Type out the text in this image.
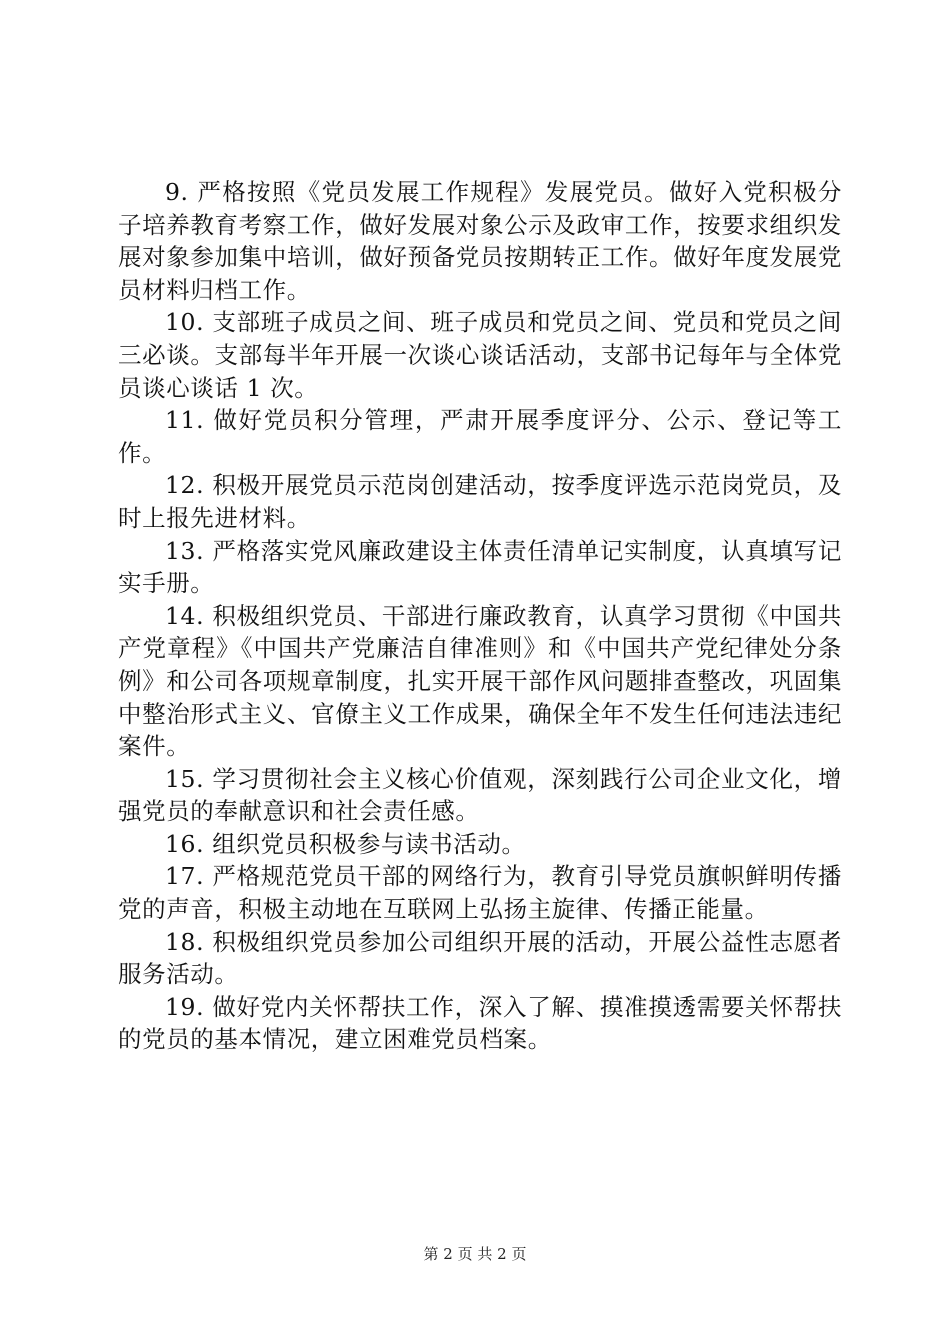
9. 严格按照《党员发展工作规程》发展党员。做好入党积极分子培养教育考察工作，做好发展对象公示及政审工作，按要求组织发展对象参加集中培训，做好预备党员按期转正工作。做好年度发展党员材料归档工作。

10. 支部班子成员之间、班子成员和党员之间、党员和党员之间三必谈。支部每半年开展一次谈心谈话活动，支部书记每年与全体党员谈心谈话 1 次。

11. 做好党员积分管理，严肃开展季度评分、公示、登记等工作。

12. 积极开展党员示范岗创建活动，按季度评选示范岗党员，及时上报先进材料。

13. 严格落实党风廉政建设主体责任清单记实制度，认真填写记实手册。

14. 积极组织党员、干部进行廉政教育，认真学习贯彻《中国共产党章程》《中国共产党廉洁自律准则》和《中国共产党纪律处分条例》和公司各项规章制度，扎实开展干部作风问题排查整改，巩固集中整治形式主义、官僚主义工作成果，确保全年不发生任何违法违纪案件。

15. 学习贯彻社会主义核心价值观，深刻践行公司企业文化，增强党员的奉献意识和社会责任感。

16. 组织党员积极参与读书活动。

17. 严格规范党员干部的网络行为，教育引导党员旗帜鲜明传播党的声音，积极主动地在互联网上弘扬主旋律、传播正能量。

18. 积极组织党员参加公司组织开展的活动，开展公益性志愿者服务活动。

19. 做好党内关怀帮扶工作，深入了解、摸准摸透需要关怀帮扶的党员的基本情况，建立困难党员档案。

第 2 页 共 2 页
